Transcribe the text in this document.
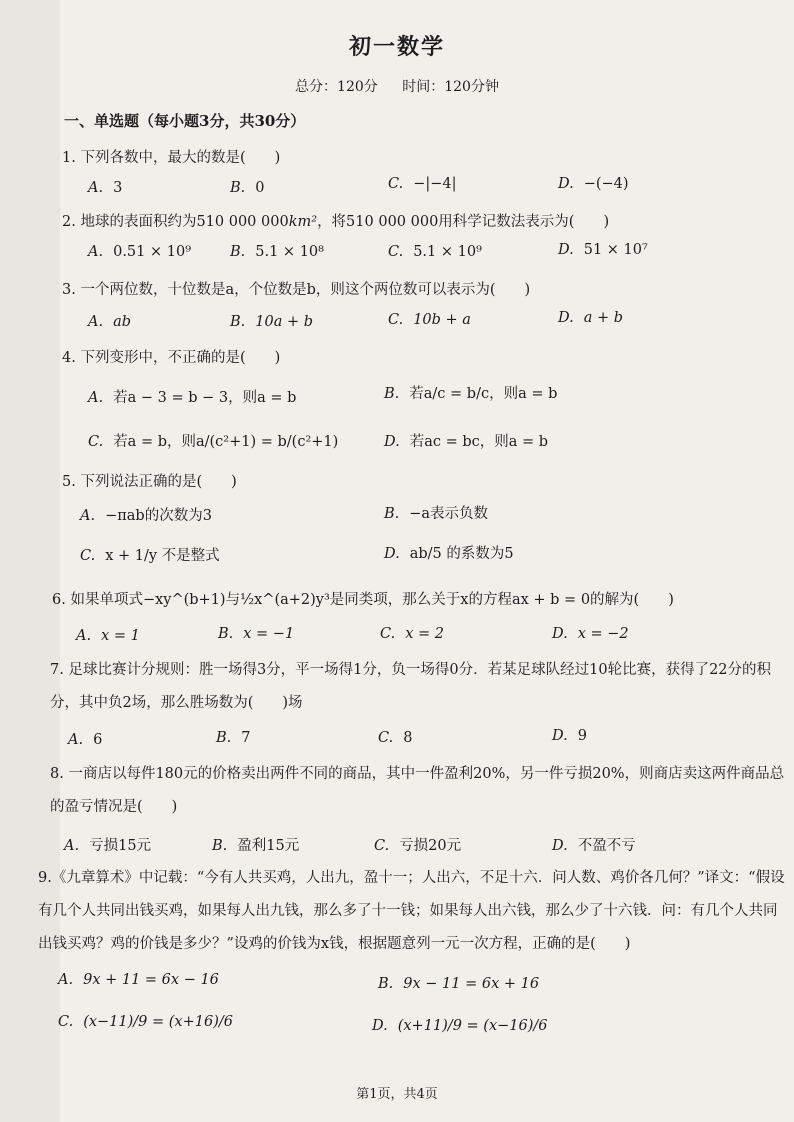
初一数学
总分：120分 时间：120分钟
一、单选题（每小题3分，共30分）
1. 下列各数中，最大的数是(　　)
A. 3	B. 0	C. −|−4|	D. −(−4)
2. 地球的表面积约为510 000 000km²，将510 000 000用科学记数法表示为(　　)
A. 0.51 × 10⁹	B. 5.1 × 10⁸	C. 5.1 × 10⁹	D. 51 × 10⁷
3. 一个两位数，十位数是a，个位数是b，则这个两位数可以表示为(　　)
A. ab	B. 10a + b	C. 10b + a	D. a + b
4. 下列变形中，不正确的是(　　)
A. 若a − 3 = b − 3，则a = b	B. 若a/c = b/c，则a = b
C. 若a = b，则a/(c²+1) = b/(c²+1)	D. 若ac = bc，则a = b
5. 下列说法正确的是(　　)
A. −πab的次数为3	B. −a表示负数
C. x + 1/y 不是整式	D. ab/5 的系数为5
6. 如果单项式−xy^(b+1)与½x^(a+2)y³是同类项，那么关于x的方程ax + b = 0的解为(　　)
A. x = 1	B. x = −1	C. x = 2	D. x = −2
7. 足球比赛计分规则：胜一场得3分，平一场得1分，负一场得0分．若某足球队经过10轮比赛，获得了22分的积分，其中负2场，那么胜场数为(　　)场
A. 6	B. 7	C. 8	D. 9
8. 一商店以每件180元的价格卖出两件不同的商品，其中一件盈利20%，另一件亏损20%，则商店卖这两件商品总的盈亏情况是(　　)
A. 亏损15元	B. 盈利15元	C. 亏损20元	D. 不盈不亏
9.《九章算术》中记载：“今有人共买鸡，人出九，盈十一；人出六，不足十六．问人数、鸡价各几何？”译文：“假设有几个人共同出钱买鸡，如果每人出九钱，那么多了十一钱；如果每人出六钱，那么少了十六钱．问：有几个人共同出钱买鸡？鸡的价钱是多少？”设鸡的价钱为x钱，根据题意列一元一次方程，正确的是(　　)
A. 9x + 11 = 6x − 16	B. 9x − 11 = 6x + 16
C. (x−11)/9 = (x+16)/6	D. (x+11)/9 = (x−16)/6
第1页，共4页
